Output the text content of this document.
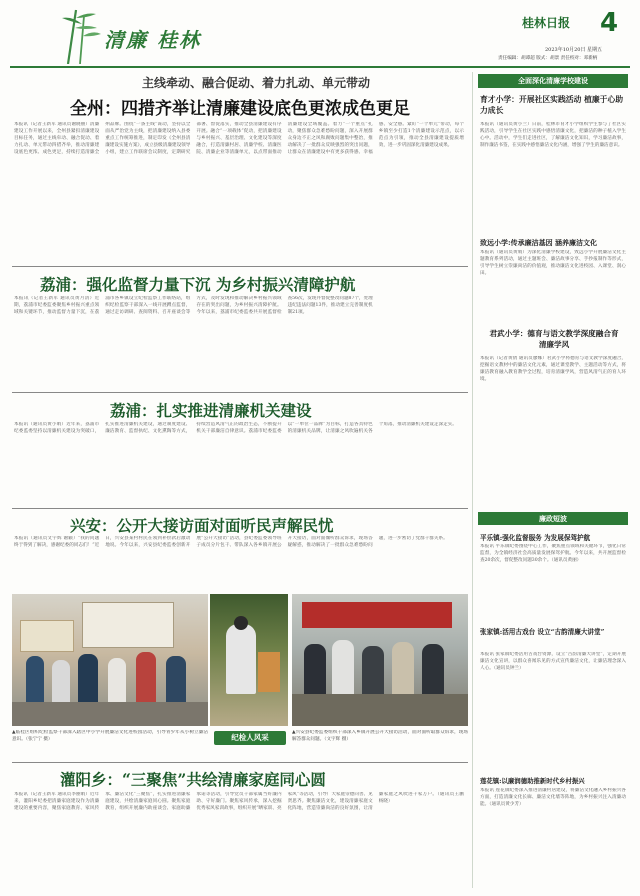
清廉 桂林
桂林日报 4
2023年10月20日 星期五
责任编辑：胡谭超 版式：胡景 责任校对：邓新柄
主线牵动、融合促动、着力扎动、单元带动
全州：四措齐举让清廉建设底色更浓成色更足

本报讯（记者王新军 通讯员谢晓丽）清廉建设工作开展以来，全州县紧扣清廉建设目标任务，通过主线牵动、融合促动、着力扎动、单元带动四措齐举，推动清廉建设底色更浓、成色更足，持续打造清廉全州品牌。围绕“一条主线”谋动，坚持以全面从严治党为主线，把清廉建设纳入县委重点工作统筹推进，制定印发《全州县清廉建设实施方案》，成立县级清廉建设领导小组，建立工作联席会议制度，定期研究部署、督促落实，推动全县清廉建设有序开展。融合“一项载体”促动，把清廉建设与乡村振兴、基层治理、文化建设等深度融合，打造清廉村居、清廉学校、清廉医院、清廉企业等清廉单元，以点带面推动清廉建设全域覆盖。着力“一个重点”扎动，聚焦群众急难愁盼问题，深入开展群众身边不正之风和腐败问题集中整治，推动解决了一批群众反映强烈的突出问题，让群众在清廉建设中有更多获得感、幸福感、安全感。紧盯“一个单元”带动，每个乡镇至少打造1个清廉建设示范点，以示范点为引领，推动全县清廉建设提质增效，进一步巩固深化清廉建设成果。

荔浦：强化监督力量下沉 为乡村振兴清障护航

本报讯（记者王新军 通讯员黄月清）近期，荔浦市纪委监委聚焦乡村振兴重点领域和关键环节，推动监督力量下沉，在荔浦市各乡镇设立纪检监察工作联络站，组织纪检监察干部深入一线开展蹲点监督，通过走访调研、查阅资料、召开座谈会等方式，及时发现和推动解决乡村振兴领域存在的突出问题，为乡村振兴清障护航。今年以来，荔浦市纪委监委共开展监督检查56次，发现并督促整改问题87个，处理违纪违法问题13件，推动建立完善制度机制21项。

荔浦：扎实推进清廉机关建设

本报讯（通讯员黄小娟）近年来，荔浦市纪委监委坚持以清廉机关建设为突破口，扎实推进清廉机关建设，通过制度建设、廉洁教育、监督执纪、文化熏陶等方式，持续营造风清气正的政治生态，不断提升机关干部廉洁自律意识。荔浦市纪委监委以“一单位一品牌”为目标，打造各具特色的清廉机关品牌，让清廉之风吹遍机关各个角落，推动清廉机关建设走深走实。

兴安：公开大接访面对面听民声解民忧

本报讯（通讯员文宇辉 谢颖）“我的问题终于得到了解决，感谢纪委的同志们！”近日，兴安县某村村民在领到补偿款后激动地说。今年以来，兴安县纪委监委创新开展“公开大接访”活动，县纪委监委领导班子成员分片包干、带队深入各乡镇开展公开大接访，面对面倾听群众诉求，现场答疑解惑，推动解决了一批群众急难愁盼问题，进一步密切了党群干群关系。

▲临桂区组织纪检监察干部深入辖区中小学开展廉洁文化进校园活动，引导青少年从小树立廉洁意识。（张宁宁 摄）	纪检人风采

▲兴安县纪委监委组织干部深入乡镇开展公开大接访活动，面对面听取群众诉求，现场解答群众问题。（文宇辉 摄）

灌阳乡：“三聚焦”共绘清廉家庭同心圆

本报讯（记者王新军 通讯员李丽娟）近年来，灌阳乡纪委把清廉家庭建设作为清廉建设的重要内容，聚焦家庭教育、家风传承、廉洁文化“三聚焦”，扎实推进清廉家庭建设，共绘清廉家庭同心圆。聚焦家庭教育，组织开展廉内助座谈会、家庭助廉承诺等活动，引导党员干部家属当好廉内助、守好廉门。聚焦家风传承，深入挖掘优秀家风家训故事，组织开展“晒家训、亮家风”等活动，引导广大家庭崇德向善、见贤思齐。聚焦廉洁文化，建设清廉家庭文化阵地，营造崇廉尚洁的良好氛围，让清廉家庭之风吹进千家万户。（通讯员王鹏 杨晓）

全面深化清廉学校建设
育才小学：开展社区实践活动 植廉于心助力成长

本报讯（通讯员黄小兰）日前，桂林市育才小学组织学生参与了社区实践活动，引导学生在社区实践中感悟清廉文化，把廉洁的种子植入学生心中。活动中，学生们走进社区，了解廉洁文化知识，学习廉洁故事，制作廉洁书签，在实践中感悟廉洁文化内涵，增强了学生的廉洁意识。

致远小学:传承廉洁基因 涵养廉洁文化

本报讯（通讯员黄娟）为深化清廉学校建设，致远小学开展廉洁文化主题教育系列活动，通过主题班会、廉洁故事分享、手抄报制作等形式，引导学生树立崇廉尚洁的价值观，推动廉洁文化进校园、入课堂、润心田。

君武小学：德育与语文教学深度融合育清廉学风

本报讯（记者黄倩 通讯员廖娜）君武小学将德育与语文教学深度融合，挖掘语文教材中的廉洁文化元素，通过课堂教学、主题活动等方式，将廉洁教育融入教育教学全过程，培育清廉学风，营造风清气正的育人环境。

廉政短波
平乐镇:强化监督服务 为发展保驾护航

本报讯 平乐镇纪委围绕中心工作，聚焦重点领域和关键环节，强化日常监督，为全镇经济社会高质量发展保驾护航。今年以来，共开展监督检查20余次，督促整改问题30余个。（通讯员黄丽）

张家镇:活用古戏台 设立“古韵清廉大讲堂”

本报讯 张家镇纪委活用古戏台资源，设立“古韵清廉大讲堂”，定期开展廉洁文化宣讲，以群众喜闻乐见的方式宣传廉洁文化，让廉洁理念深入人心。（通讯员钟兰）

莲花镇:以廉润德助推新时代乡村振兴

本报讯 莲花镇纪委深入推进清廉村居建设，将廉洁文化融入乡村振兴各方面，打造清廉文化长廊、廉洁文化墙等阵地，为乡村振兴注入清廉动能。（通讯员黄少芳）
